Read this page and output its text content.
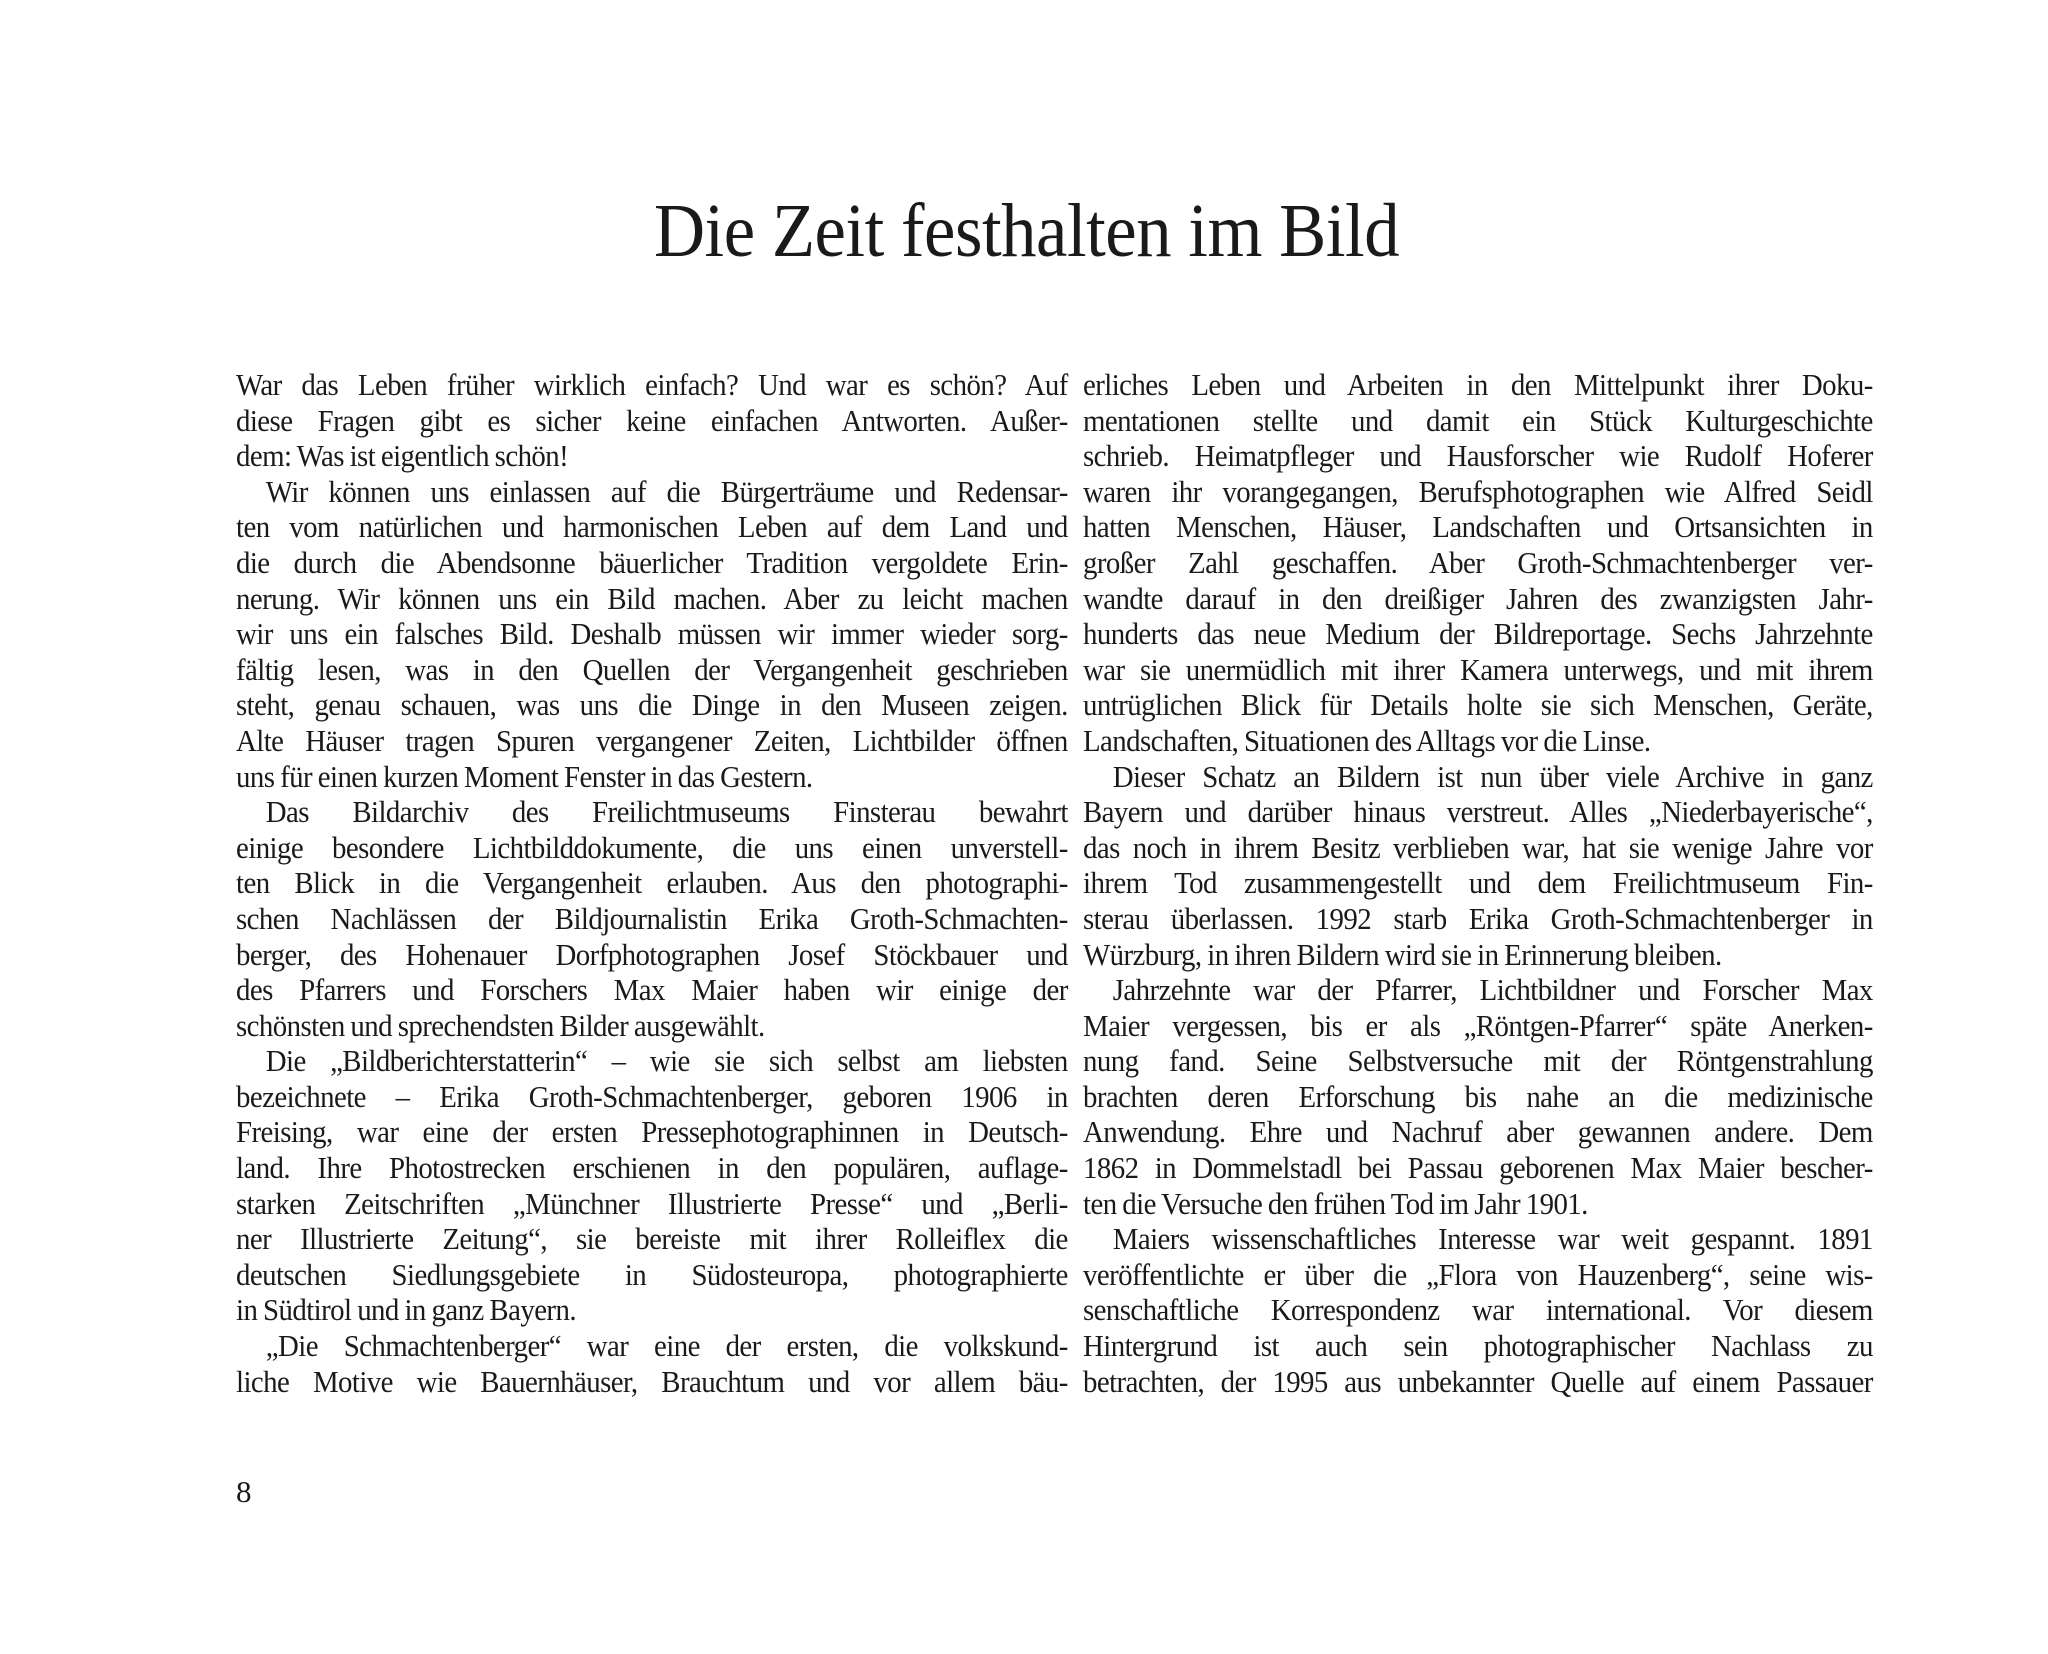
Die Zeit festhalten im Bild
War das Leben früher wirklich einfach? Und war es schön? Auf
diese Fragen gibt es sicher keine einfachen Antworten. Außer-
dem: Was ist eigentlich schön!
Wir können uns einlassen auf die Bürgerträume und Redensar-
ten vom natürlichen und harmonischen Leben auf dem Land und
die durch die Abendsonne bäuerlicher Tradition vergoldete Erin-
nerung. Wir können uns ein Bild machen. Aber zu leicht machen
wir uns ein falsches Bild. Deshalb müssen wir immer wieder sorg-
fältig lesen, was in den Quellen der Vergangenheit geschrieben
steht, genau schauen, was uns die Dinge in den Museen zeigen.
Alte Häuser tragen Spuren vergangener Zeiten, Lichtbilder öffnen
uns für einen kurzen Moment Fenster in das Gestern.
Das Bildarchiv des Freilichtmuseums Finsterau bewahrt
einige besondere Lichtbilddokumente, die uns einen unverstell-
ten Blick in die Vergangenheit erlauben. Aus den photographi-
schen Nachlässen der Bildjournalistin Erika Groth-Schmachten-
berger, des Hohenauer Dorfphotographen Josef Stöckbauer und
des Pfarrers und Forschers Max Maier haben wir einige der
schönsten und sprechendsten Bilder ausgewählt.
Die „Bildberichterstatterin“ – wie sie sich selbst am liebsten
bezeichnete – Erika Groth-Schmachtenberger, geboren 1906 in
Freising, war eine der ersten Pressephotographinnen in Deutsch-
land. Ihre Photostrecken erschienen in den populären, auflage-
starken Zeitschriften „Münchner Illustrierte Presse“ und „Berli-
ner Illustrierte Zeitung“, sie bereiste mit ihrer Rolleiflex die
deutschen Siedlungsgebiete in Südosteuropa, photographierte
in Südtirol und in ganz Bayern.
„Die Schmachtenberger“ war eine der ersten, die volkskund-
liche Motive wie Bauernhäuser, Brauchtum und vor allem bäu-
erliches Leben und Arbeiten in den Mittelpunkt ihrer Doku-
mentationen stellte und damit ein Stück Kulturgeschichte
schrieb. Heimatpfleger und Hausforscher wie Rudolf Hoferer
waren ihr vorangegangen, Berufsphotographen wie Alfred Seidl
hatten Menschen, Häuser, Landschaften und Ortsansichten in
großer Zahl geschaffen. Aber Groth-Schmachtenberger ver-
wandte darauf in den dreißiger Jahren des zwanzigsten Jahr-
hunderts das neue Medium der Bildreportage. Sechs Jahrzehnte
war sie unermüdlich mit ihrer Kamera unterwegs, und mit ihrem
untrüglichen Blick für Details holte sie sich Menschen, Geräte,
Landschaften, Situationen des Alltags vor die Linse.
Dieser Schatz an Bildern ist nun über viele Archive in ganz
Bayern und darüber hinaus verstreut. Alles „Niederbayerische“,
das noch in ihrem Besitz verblieben war, hat sie wenige Jahre vor
ihrem Tod zusammengestellt und dem Freilichtmuseum Fin-
sterau überlassen. 1992 starb Erika Groth-Schmachtenberger in
Würzburg, in ihren Bildern wird sie in Erinnerung bleiben.
Jahrzehnte war der Pfarrer, Lichtbildner und Forscher Max
Maier vergessen, bis er als „Röntgen-Pfarrer“ späte Anerken-
nung fand. Seine Selbstversuche mit der Röntgenstrahlung
brachten deren Erforschung bis nahe an die medizinische
Anwendung. Ehre und Nachruf aber gewannen andere. Dem
1862 in Dommelstadl bei Passau geborenen Max Maier bescher-
ten die Versuche den frühen Tod im Jahr 1901.
Maiers wissenschaftliches Interesse war weit gespannt. 1891
veröffentlichte er über die „Flora von Hauzenberg“, seine wis-
senschaftliche Korrespondenz war international. Vor diesem
Hintergrund ist auch sein photographischer Nachlass zu
betrachten, der 1995 aus unbekannter Quelle auf einem Passauer
8
